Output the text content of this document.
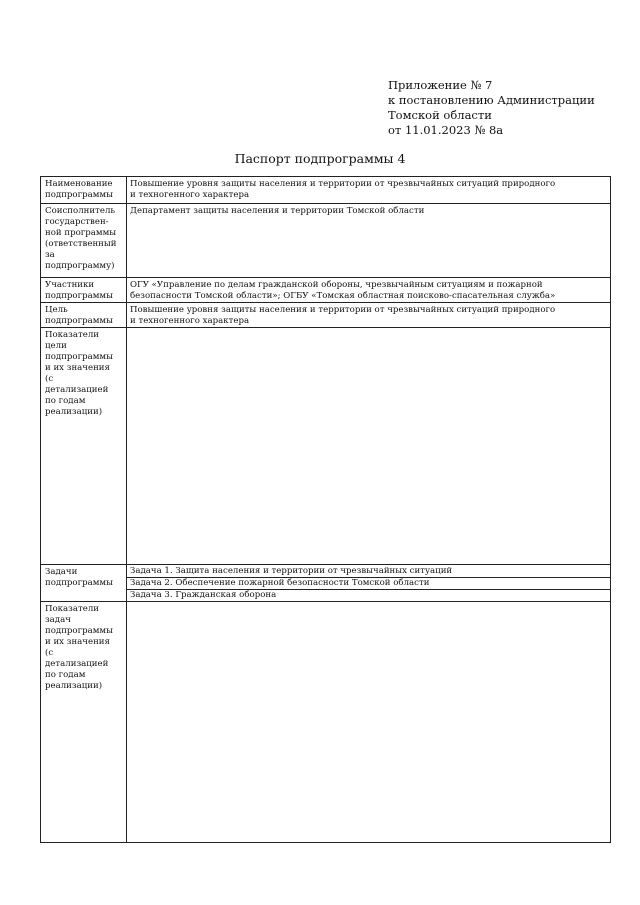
Приложение № 7
к постановлению Администрации
Томской области
от 11.01.2023 № 8а
Паспорт подпрограммы 4
Наименование
подпрограммы
Повышение уровня защиты населения и территории от чрезвычайных ситуаций природного
и техногенного характера
Соисполнитель
государствен-
ной программы
(ответственный
за
подпрограмму)
Департамент защиты населения и территории Томской области
Участники
подпрограммы
ОГУ «Управление по делам гражданской обороны, чрезвычайным ситуациям и пожарной
безопасности Томской области»; ОГБУ «Томская областная поисково-спасательная служба»
Цель
подпрограммы
Повышение уровня защиты населения и территории от чрезвычайных ситуаций природного
и техногенного характера
Показатели
цели
подпрограммы
и их значения
(с
детализацией
по годам
реализации)
Задачи
подпрограммы
Показатели
задач
подпрограммы
и их значения
(с
детализацией
по годам
реализации)
Задача 1. Защита населения и территории от чрезвычайных ситуаций
Задача 2. Обеспечение пожарной безопасности Томской области
Задача 3. Гражданская оборона
